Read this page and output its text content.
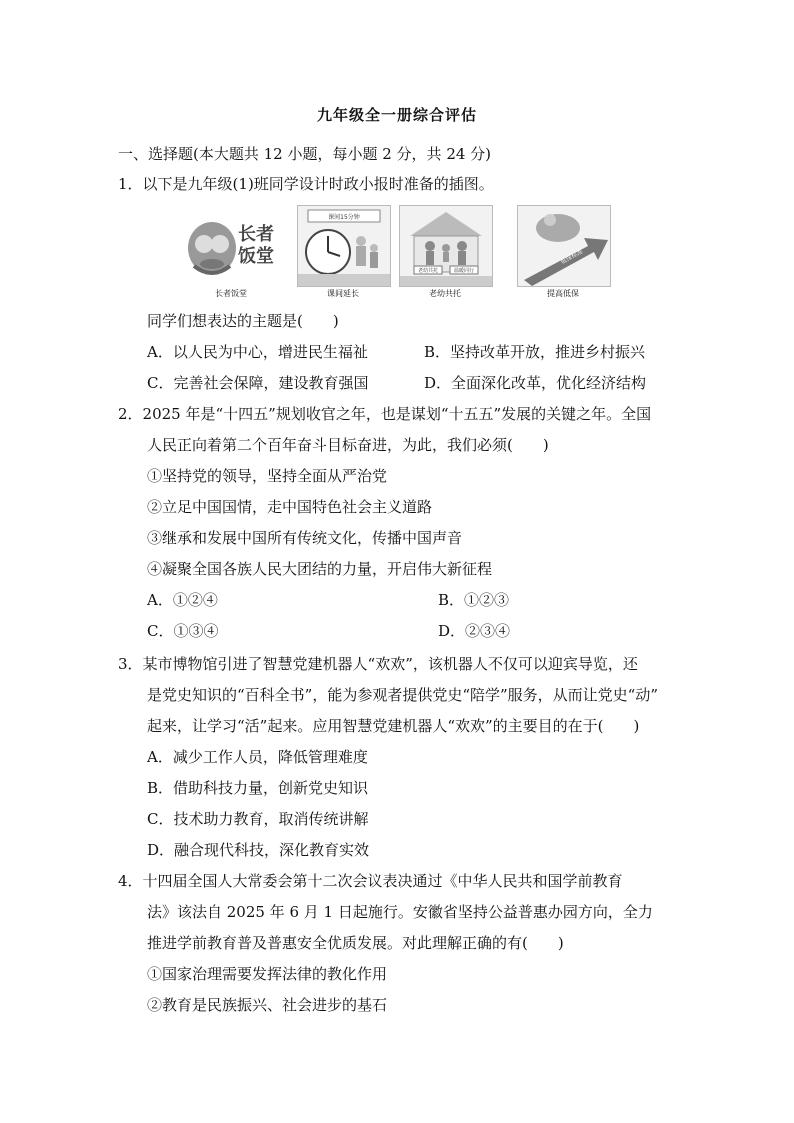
九年级全一册综合评估
一、选择题(本大题共 12 小题，每小题 2 分，共 24 分)
1．以下是九年级(1)班同学设计时政小报时准备的插图。
长者
饭堂
长者饭堂
课间15分钟
课间延长
老幼共托	温暖同行
老幼共托
低保标准
提高低保
同学们想表达的主题是(　　)
A．以人民为中心，增进民生福祉	B．坚持改革开放，推进乡村振兴
C．完善社会保障，建设教育强国	D．全面深化改革，优化经济结构
2．2025 年是“十四五”规划收官之年，也是谋划“十五五”发展的关键之年。全国
人民正向着第二个百年奋斗目标奋进，为此，我们必须(　　)
①坚持党的领导，坚持全面从严治党
②立足中国国情，走中国特色社会主义道路
③继承和发展中国所有传统文化，传播中国声音
④凝聚全国各族人民大团结的力量，开启伟大新征程
A．①②④	B．①②③
C．①③④	D．②③④
3．某市博物馆引进了智慧党建机器人“欢欢”，该机器人不仅可以迎宾导览，还
是党史知识的“百科全书”，能为参观者提供党史“陪学”服务，从而让党史“动”
起来，让学习“活”起来。应用智慧党建机器人“欢欢”的主要目的在于(　　)
A．减少工作人员，降低管理难度
B．借助科技力量，创新党史知识
C．技术助力教育，取消传统讲解
D．融合现代科技，深化教育实效
4．十四届全国人大常委会第十二次会议表决通过《中华人民共和国学前教育
法》该法自 2025 年 6 月 1 日起施行。安徽省坚持公益普惠办园方向，全力
推进学前教育普及普惠安全优质发展。对此理解正确的有(　　)
①国家治理需要发挥法律的教化作用
②教育是民族振兴、社会进步的基石
